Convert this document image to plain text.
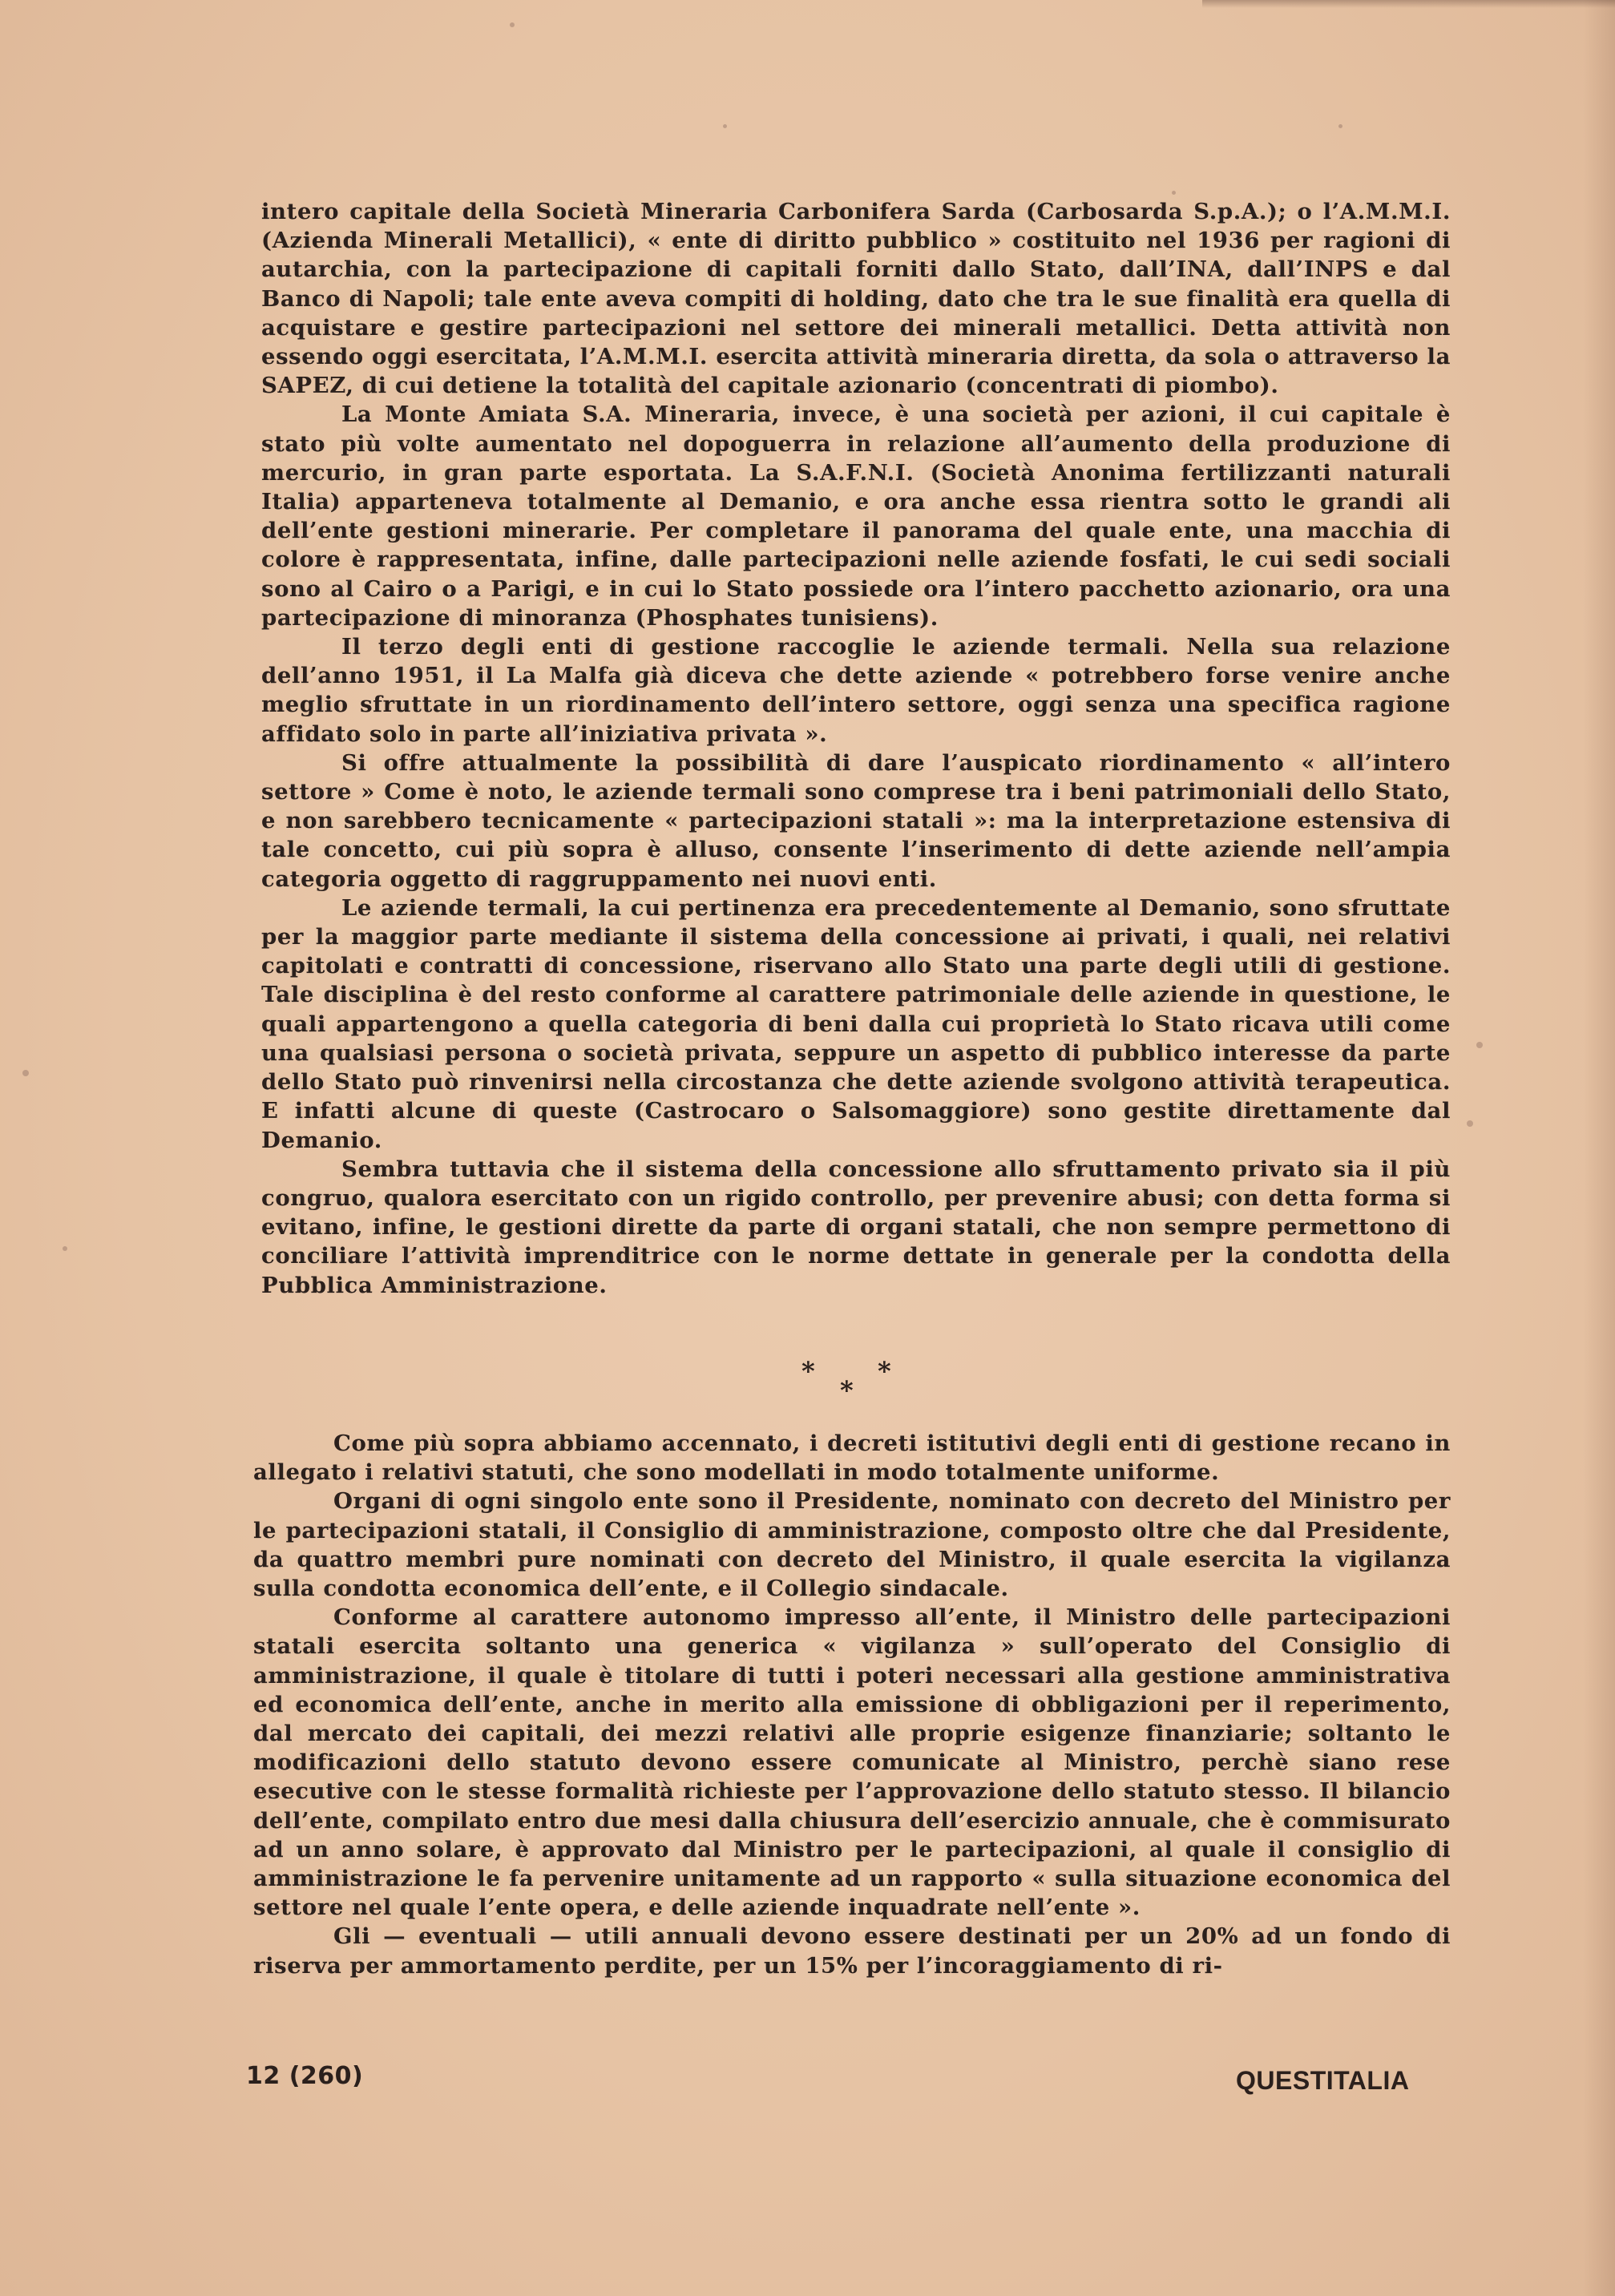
intero capitale della Società Mineraria Carbonifera Sarda (Carbosarda S.p.A.); o l’A.M.M.I. (Azienda Minerali Metallici), « ente di diritto pubblico » costituito nel 1936 per ragioni di autarchia, con la partecipazione di capitali forniti dallo Stato, dall’INA, dall’INPS e dal Banco di Napoli; tale ente aveva compiti di holding, dato che tra le sue finalità era quella di acquistare e gestire partecipazioni nel settore dei minerali metallici. Detta attività non essendo oggi esercitata, l’A.M.M.I. esercita attività mineraria diretta, da sola o attraverso la SAPEZ, di cui detiene la totalità del capitale azionario (concentrati di piombo).

La Monte Amiata S.A. Mineraria, invece, è una società per azioni, il cui capitale è stato più volte aumentato nel dopoguerra in relazione all’aumento della produzione di mercurio, in gran parte esportata. La S.A.F.N.I. (Società Anonima fertilizzanti naturali Italia) apparteneva totalmente al Demanio, e ora anche essa rientra sotto le grandi ali dell’ente gestioni minerarie. Per completare il panorama del quale ente, una macchia di colore è rappresentata, infine, dalle partecipazioni nelle aziende fosfati, le cui sedi sociali sono al Cairo o a Parigi, e in cui lo Stato possiede ora l’intero pacchetto azionario, ora una partecipazione di minoranza (Phosphates tunisiens).

Il terzo degli enti di gestione raccoglie le aziende termali. Nella sua relazione dell’anno 1951, il La Malfa già diceva che dette aziende « potrebbero forse venire anche meglio sfruttate in un riordinamento dell’intero settore, oggi senza una specifica ragione affidato solo in parte all’iniziativa privata ».

Si offre attualmente la possibilità di dare l’auspicato riordinamento « all’intero settore » Come è noto, le aziende termali sono comprese tra i beni patrimoniali dello Stato, e non sarebbero tecnicamente « partecipazioni statali »: ma la interpretazione estensiva di tale concetto, cui più sopra è alluso, consente l’inserimento di dette aziende nell’ampia categoria oggetto di raggruppamento nei nuovi enti.

Le aziende termali, la cui pertinenza era precedentemente al Demanio, sono sfruttate per la maggior parte mediante il sistema della concessione ai privati, i quali, nei relativi capitolati e contratti di concessione, riservano allo Stato una parte degli utili di gestione. Tale disciplina è del resto conforme al carattere patrimoniale delle aziende in questione, le quali appartengono a quella categoria di beni dalla cui proprietà lo Stato ricava utili come una qualsiasi persona o società privata, seppure un aspetto di pubblico interesse da parte dello Stato può rinvenirsi nella circostanza che dette aziende svolgono attività terapeutica. E infatti alcune di queste (Castrocaro o Salsomaggiore) sono gestite direttamente dal Demanio.

Sembra tuttavia che il sistema della concessione allo sfruttamento privato sia il più congruo, qualora esercitato con un rigido controllo, per prevenire abusi; con detta forma si evitano, infine, le gestioni dirette da parte di organi statali, che non sempre permettono di conciliare l’attività imprenditrice con le norme dettate in generale per la condotta della Pubblica Amministrazione.

* *
*

Come più sopra abbiamo accennato, i decreti istitutivi degli enti di gestione recano in allegato i relativi statuti, che sono modellati in modo totalmente uniforme.

Organi di ogni singolo ente sono il Presidente, nominato con decreto del Ministro per le partecipazioni statali, il Consiglio di amministrazione, composto oltre che dal Presidente, da quattro membri pure nominati con decreto del Ministro, il quale esercita la vigilanza sulla condotta economica dell’ente, e il Collegio sindacale.

Conforme al carattere autonomo impresso all’ente, il Ministro delle partecipazioni statali esercita soltanto una generica « vigilanza » sull’operato del Consiglio di amministrazione, il quale è titolare di tutti i poteri necessari alla gestione amministrativa ed economica dell’ente, anche in merito alla emissione di obbligazioni per il reperimento, dal mercato dei capitali, dei mezzi relativi alle proprie esigenze finanziarie; soltanto le modificazioni dello statuto devono essere comunicate al Ministro, perchè siano rese esecutive con le stesse formalità richieste per l’approvazione dello statuto stesso. Il bilancio dell’ente, compilato entro due mesi dalla chiusura dell’esercizio annuale, che è commisurato ad un anno solare, è approvato dal Ministro per le partecipazioni, al quale il consiglio di amministrazione le fa pervenire unitamente ad un rapporto « sulla situazione economica del settore nel quale l’ente opera, e delle aziende inquadrate nell’ente ».

Gli — eventuali — utili annuali devono essere destinati per un 20% ad un fondo di riserva per ammortamento perdite, per un 15% per l’incoraggiamento di ri-

12 (260)	QUESTITALIA
